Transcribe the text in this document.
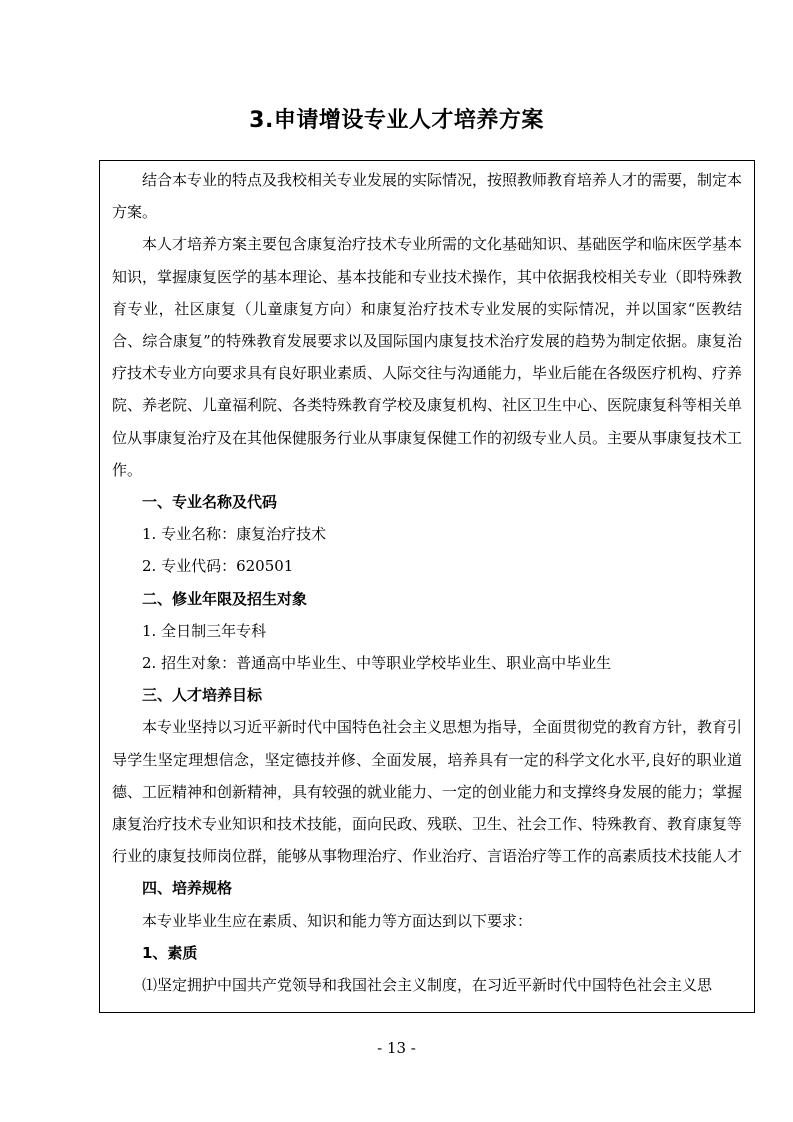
3.申请增设专业人才培养方案

结合本专业的特点及我校相关专业发展的实际情况，按照教师教育培养人才的需要，制定本方案。

本人才培养方案主要包含康复治疗技术专业所需的文化基础知识、基础医学和临床医学基本知识，掌握康复医学的基本理论、基本技能和专业技术操作，其中依据我校相关专业（即特殊教育专业，社区康复（儿童康复方向）和康复治疗技术专业发展的实际情况，并以国家“医教结合、综合康复”的特殊教育发展要求以及国际国内康复技术治疗发展的趋势为制定依据。康复治疗技术专业方向要求具有良好职业素质、人际交往与沟通能力，毕业后能在各级医疗机构、疗养院、养老院、儿童福利院、各类特殊教育学校及康复机构、社区卫生中心、医院康复科等相关单位从事康复治疗及在其他保健服务行业从事康复保健工作的初级专业人员。主要从事康复技术工作。

一、专业名称及代码

1. 专业名称：康复治疗技术

2. 专业代码：620501

二、修业年限及招生对象

1. 全日制三年专科

2. 招生对象：普通高中毕业生、中等职业学校毕业生、职业高中毕业生

三、人才培养目标

本专业坚持以习近平新时代中国特色社会主义思想为指导，全面贯彻党的教育方针，教育引导学生坚定理想信念，坚定德技并修、全面发展，培养具有一定的科学文化水平,良好的职业道德、工匠精神和创新精神，具有较强的就业能力、一定的创业能力和支撑终身发展的能力；掌握康复治疗技术专业知识和技术技能，面向民政、残联、卫生、社会工作、特殊教育、教育康复等行业的康复技师岗位群，能够从事物理治疗、作业治疗、言语治疗等工作的高素质技术技能人才

四、培养规格

本专业毕业生应在素质、知识和能力等方面达到以下要求：

1、素质

⑴坚定拥护中国共产党领导和我国社会主义制度，在习近平新时代中国特色社会主义思

- 13 -
